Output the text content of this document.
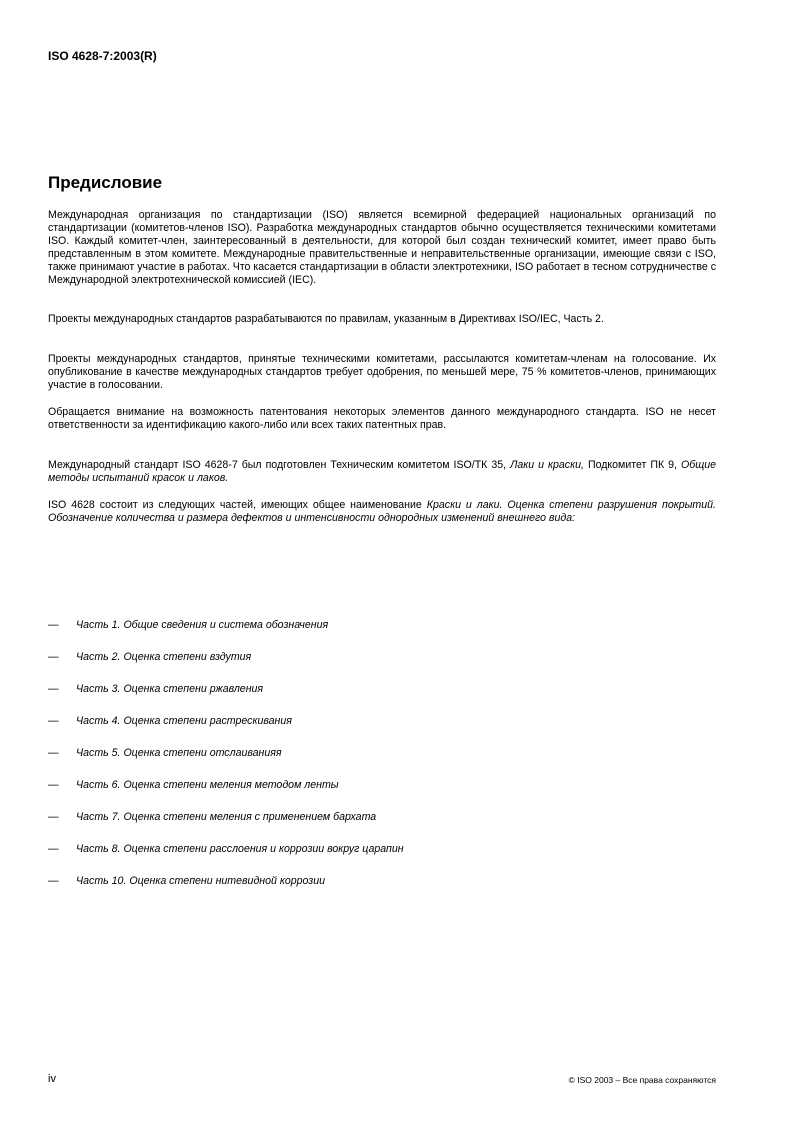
ISO 4628-7:2003(R)
Предисловие

Международная организация по стандартизации (ISO) является всемирной федерацией национальных организаций по стандартизации (комитетов-членов ISO). Разработка международных стандартов обычно осуществляется техническими комитетами ISO. Каждый комитет-член, заинтересованный в деятельности, для которой был создан технический комитет, имеет право быть представленным в этом комитете. Международные правительственные и неправительственные организации, имеющие связи с ISO, также принимают участие в работах. Что касается стандартизации в области электротехники, ISO работает в тесном сотрудничестве с Международной электротехнической комиссией (IEC).

Проекты международных стандартов разрабатываются по правилам, указанным в Директивах ISO/IEC, Часть 2.

Проекты международных стандартов, принятые техническими комитетами, рассылаются комитетам-членам на голосование. Их опубликование в качестве международных стандартов требует одобрения, по меньшей мере, 75 % комитетов-членов, принимающих участие в голосовании.

Обращается внимание на возможность патентования некоторых элементов данного международного стандарта. ISO не несет ответственности за идентификацию какого-либо или всех таких патентных прав.

Международный стандарт ISO 4628-7 был подготовлен Техническим комитетом ISO/ТК 35, Лаки и краски, Подкомитет ПК 9, Общие методы испытаний красок и лаков.

ISO 4628 состоит из следующих частей, имеющих общее наименование Краски и лаки. Оценка степени разрушения покрытий. Обозначение количества и размера дефектов и интенсивности однородных изменений внешнего вида:

— Часть 1. Общие сведения и система обозначения
— Часть 2. Оценка степени вздутия
— Часть 3. Оценка степени ржавления
— Часть 4. Оценка степени растрескивания
— Часть 5. Оценка степени отслаиванияя
— Часть 6. Оценка степени меления методом ленты
— Часть 7. Оценка степени меления с применением бархата
— Часть 8. Оценка степени расслоения и коррозии вокруг царапин
— Часть 10. Оценка степени нитевидной коррозии
iv	© ISO 2003 – Все права сохраняются
